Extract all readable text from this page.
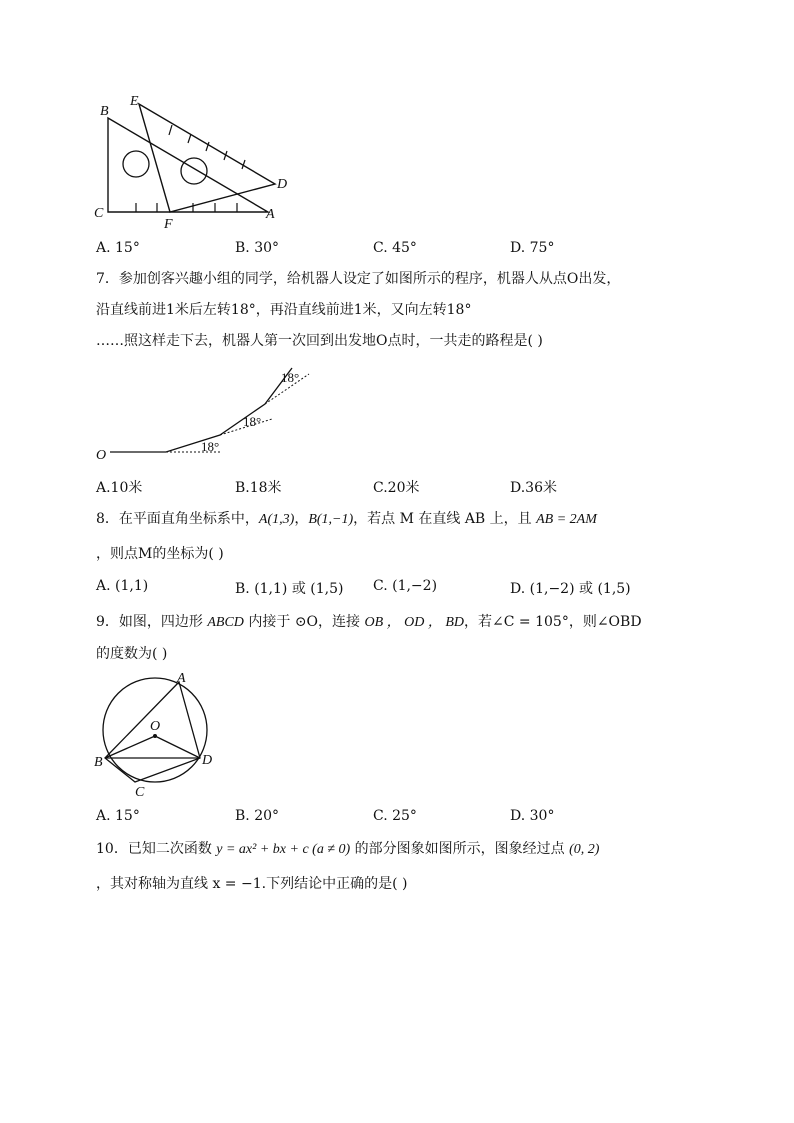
B
E
C
F
A
D
A. 15°	B. 30°	C. 45°	D. 75°
7．参加创客兴趣小组的同学，给机器人设定了如图所示的程序，机器人从点O出发，
沿直线前进1米后左转18°，再沿直线前进1米，又向左转18°
……照这样走下去，机器人第一次回到出发地O点时，一共走的路程是( )
O
18°
18°
18°
A.10米	B.18米	C.20米	D.36米
8．在平面直角坐标系中，A(1,3)，B(1,−1)，若点 M 在直线 AB 上，且 AB = 2AM
，则点M的坐标为( )
A. (1,1)	B. (1,1) 或 (1,5) C. (1,−2)	D. (1,−2) 或 (1,5)
9．如图，四边形 ABCD 内接于 ⊙O，连接 OB ， OD ， BD，若∠C = 105°，则∠OBD
的度数为( )
A
O
B	D
C
A. 15°	B. 20°	C. 25°	D. 30°
10．已知二次函数 y = ax² + bx + c (a ≠ 0) 的部分图象如图所示，图象经过点 (0, 2)
，其对称轴为直线 x = −1.下列结论中正确的是( )
